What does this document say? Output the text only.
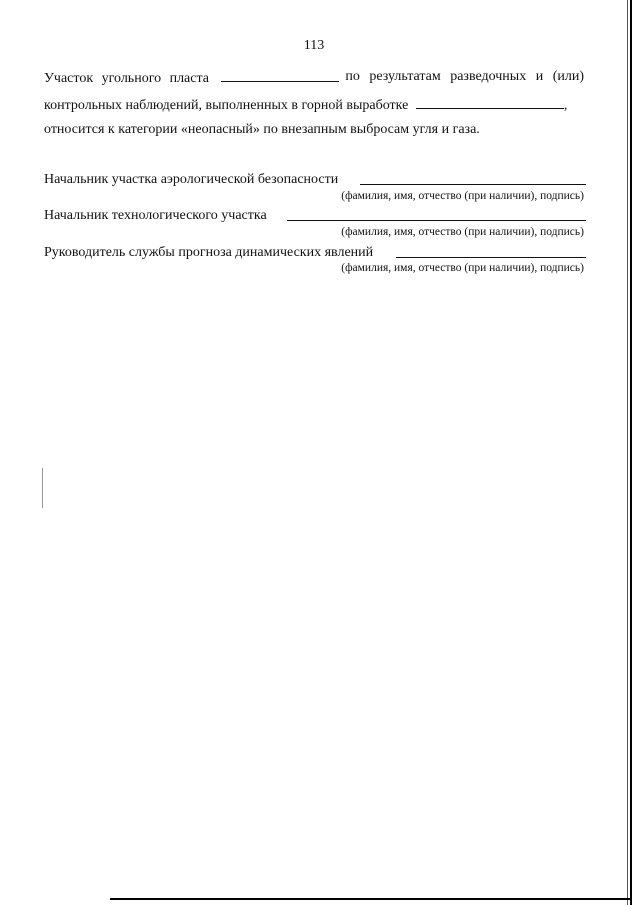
113
Участок угольного пласта	по результатам разведочных и (или)
контрольных наблюдений, выполненных в горной выработке	,
относится к категории «неопасный» по внезапным выбросам угля и газа.
Начальник участка аэрологической безопасности
(фамилия, имя, отчество (при наличии), подпись)
Начальник технологического участка
(фамилия, имя, отчество (при наличии), подпись)
Руководитель службы прогноза динамических явлений
(фамилия, имя, отчество (при наличии), подпись)
